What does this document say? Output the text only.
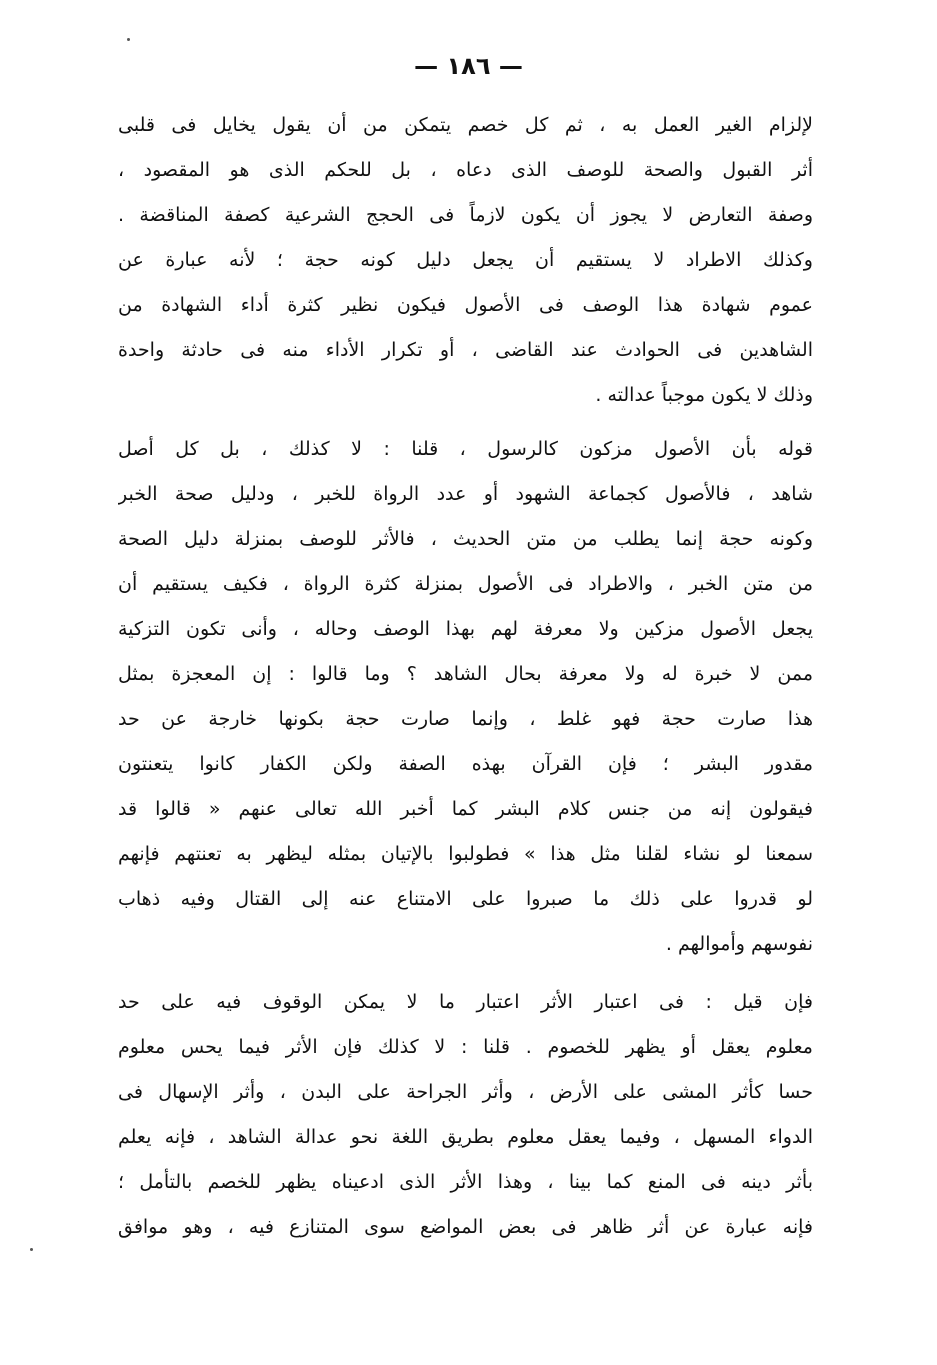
— ١٨٦ —
لإلزام الغير العمل به ، ثم كل خصم يتمكن من أن يقول يخايل فى قلبى
أثر القبول والصحة للوصف الذى دعاه ، بل للحكم الذى هو المقصود ،
وصفة التعارض لا يجوز أن يكون لازماً فى الحجج الشرعية كصفة المناقضة .
وكذلك الاطراد لا يستقيم أن يجعل دليل كونه حجة ؛ لأنه عبارة عن
عموم شهادة هذا الوصف فى الأصول فيكون نظير كثرة أداء الشهادة من
الشاهدين فى الحوادث عند القاضى ، أو تكرار الأداء منه فى حادثة واحدة
وذلك لا يكون موجباً عدالته .
قوله بأن الأصول مزكون كالرسول ، قلنا : لا كذلك ، بل كل أصل
شاهد ، فالأصول كجماعة الشهود أو عدد الرواة للخبر ، ودليل صحة الخبر
وكونه حجة إنما يطلب من متن الحديث ، فالأثر للوصف بمنزلة دليل الصحة
من متن الخبر ، والاطراد فى الأصول بمنزلة كثرة الرواة ، فكيف يستقيم أن
يجعل الأصول مزكين ولا معرفة لهم بهذا الوصف وحاله ، وأنى تكون التزكية
ممن لا خبرة له ولا معرفة بحال الشاهد ؟ وما قالوا : إن المعجزة بمثل
هذا صارت حجة فهو غلط ، وإنما صارت حجة بكونها خارجة عن حد
مقدور البشر ؛ فإن القرآن بهذه الصفة ولكن الكفار كانوا يتعنتون
فيقولون إنه من جنس كلام البشر كما أخبر الله تعالى عنهم « قالوا قد
سمعنا لو نشاء لقلنا مثل هذا » فطولبوا بالإتيان بمثله ليظهر به تعنتهم فإنهم
لو قدروا على ذلك ما صبروا على الامتناع عنه إلى القتال وفيه ذهاب
نفوسهم وأموالهم .
فإن قيل : فى اعتبار الأثر اعتبار ما لا يمكن الوقوف فيه على حد
معلوم يعقل أو يظهر للخصوم . قلنا : لا كذلك فإن الأثر فيما يحس معلوم
حسا كأثر المشى على الأرض ، وأثر الجراحة على البدن ، وأثر الإسهال فى
الدواء المسهل ، وفيما يعقل معلوم بطريق اللغة نحو عدالة الشاهد ، فإنه يعلم
بأثر دينه فى المنع كما بينا ، وهذا الأثر الذى ادعيناه يظهر للخصم بالتأمل ؛
فإنه عبارة عن أثر ظاهر فى بعض المواضع سوى المتنازع فيه ، وهو موافق
